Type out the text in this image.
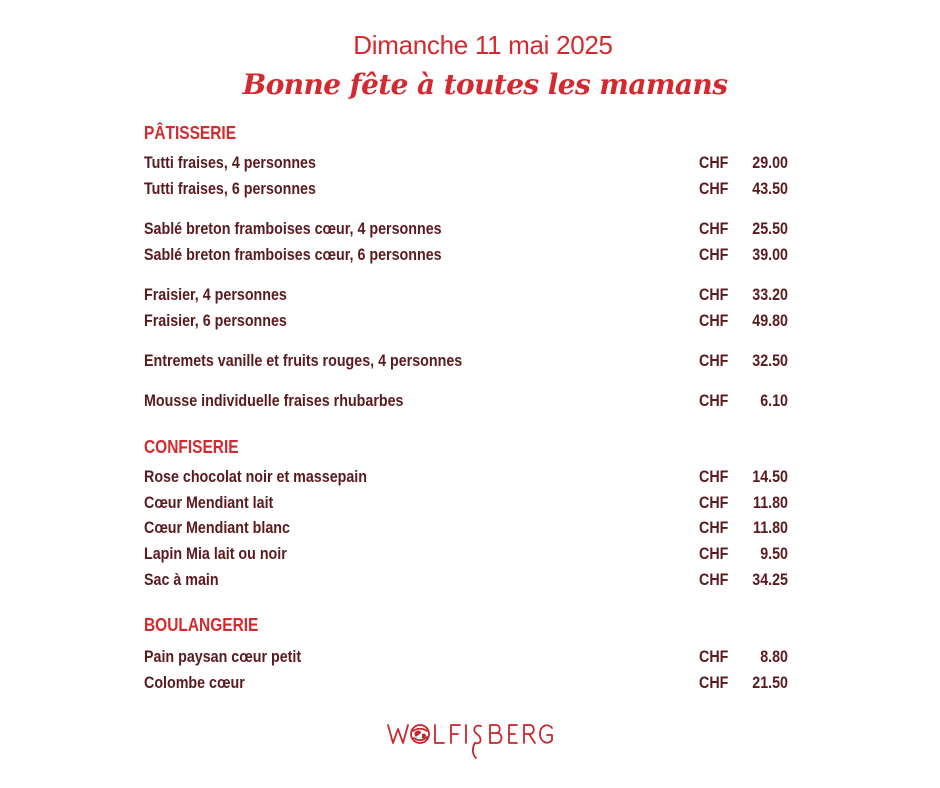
Dimanche 11 mai 2025
Bonne fête à toutes les mamans
PÂTISSERIE
Tutti fraises, 4 personnes	CHF	29.00
Tutti fraises, 6 personnes	CHF	43.50
Sablé breton framboises cœur, 4 personnes	CHF	25.50
Sablé breton framboises cœur, 6 personnes	CHF	39.00
Fraisier, 4 personnes	CHF	33.20
Fraisier, 6 personnes	CHF	49.80
Entremets vanille et fruits rouges, 4 personnes	CHF	32.50
Mousse individuelle fraises rhubarbes	CHF	6.10
CONFISERIE
Rose chocolat noir et massepain	CHF	14.50
Cœur Mendiant lait	CHF	11.80
Cœur Mendiant blanc	CHF	11.80
Lapin Mia lait ou noir	CHF	9.50
Sac à main	CHF	34.25
BOULANGERIE
Pain paysan cœur petit	CHF	8.80
Colombe cœur	CHF	21.50
